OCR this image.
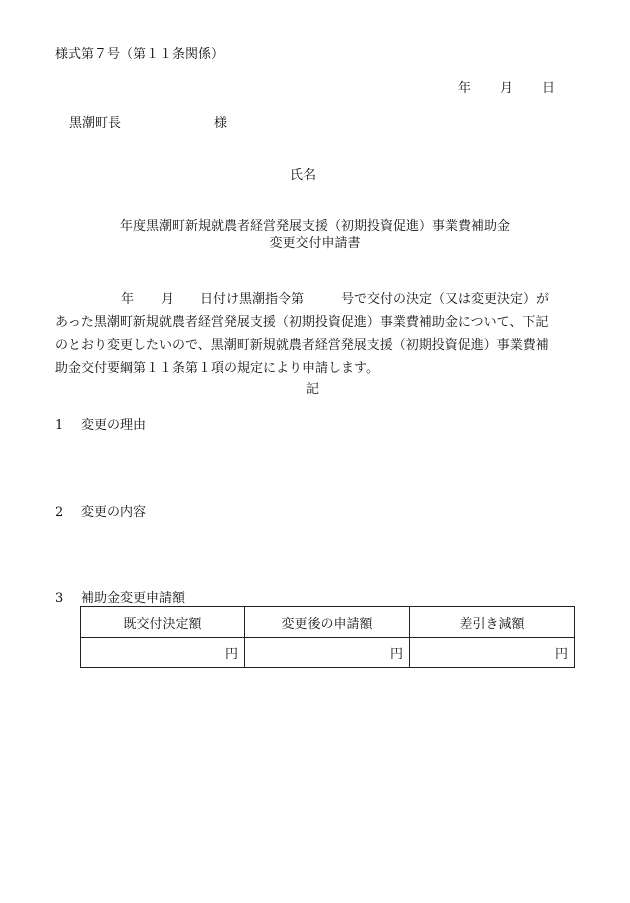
様式第７号（第１１条関係）
年 月 日
黒潮町長	様
氏名
年度黒潮町新規就農者経営発展支援（初期投資促進）事業費補助金
変更交付申請書
年 月 日付け黒潮指令第	号で交付の決定（又は変更決定）が
あった黒潮町新規就農者経営発展支援（初期投資促進）事業費補助金について、下記
のとおり変更したいので、黒潮町新規就農者経営発展支援（初期投資促進）事業費補
助金交付要綱第１１条第１項の規定により申請します。
記
1 変更の理由
2 変更の内容
3 補助金変更申請額
既交付決定額	変更後の申請額	差引き減額
円	円	円
